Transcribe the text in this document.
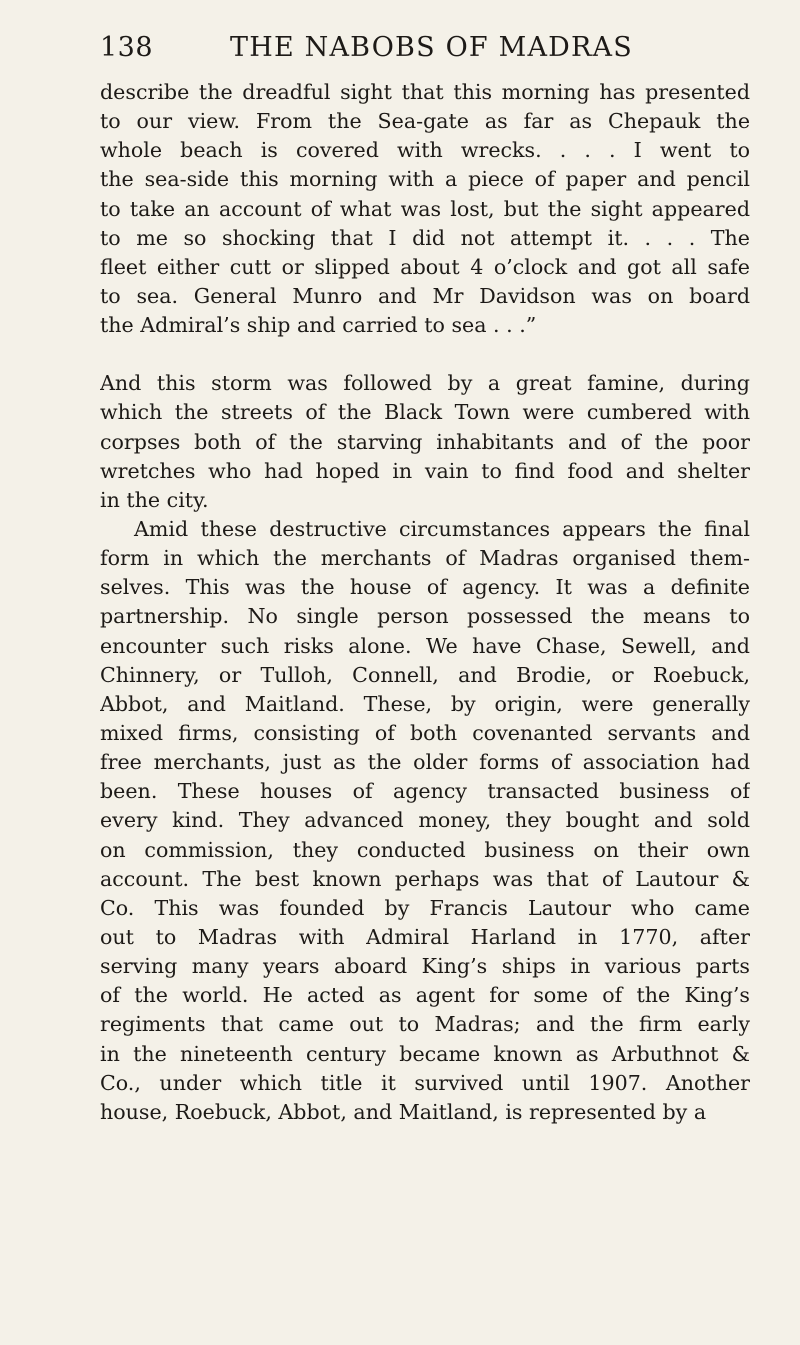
138	THE NABOBS OF MADRAS
describe the dreadful sight that this morning has presented
to our view. From the Sea-gate as far as Chepauk the
whole beach is covered with wrecks. . . . I went to
the sea-side this morning with a piece of paper and pencil
to take an account of what was lost, but the sight appeared
to me so shocking that I did not attempt it. . . . The
fleet either cutt or slipped about 4 o’clock and got all safe
to sea. General Munro and Mr Davidson was on board
the Admiral’s ship and carried to sea . . .”
And this storm was followed by a great famine, during
which the streets of the Black Town were cumbered with
corpses both of the starving inhabitants and of the poor
wretches who had hoped in vain to find food and shelter
in the city.
Amid these destructive circumstances appears the final
form in which the merchants of Madras organised them-
selves. This was the house of agency. It was a definite
partnership. No single person possessed the means to
encounter such risks alone. We have Chase, Sewell, and
Chinnery, or Tulloh, Connell, and Brodie, or Roebuck,
Abbot, and Maitland. These, by origin, were generally
mixed firms, consisting of both covenanted servants and
free merchants, just as the older forms of association had
been. These houses of agency transacted business of
every kind. They advanced money, they bought and sold
on commission, they conducted business on their own
account. The best known perhaps was that of Lautour &
Co. This was founded by Francis Lautour who came
out to Madras with Admiral Harland in 1770, after
serving many years aboard King’s ships in various parts
of the world. He acted as agent for some of the King’s
regiments that came out to Madras; and the firm early
in the nineteenth century became known as Arbuthnot &
Co., under which title it survived until 1907. Another
house, Roebuck, Abbot, and Maitland, is represented by a
